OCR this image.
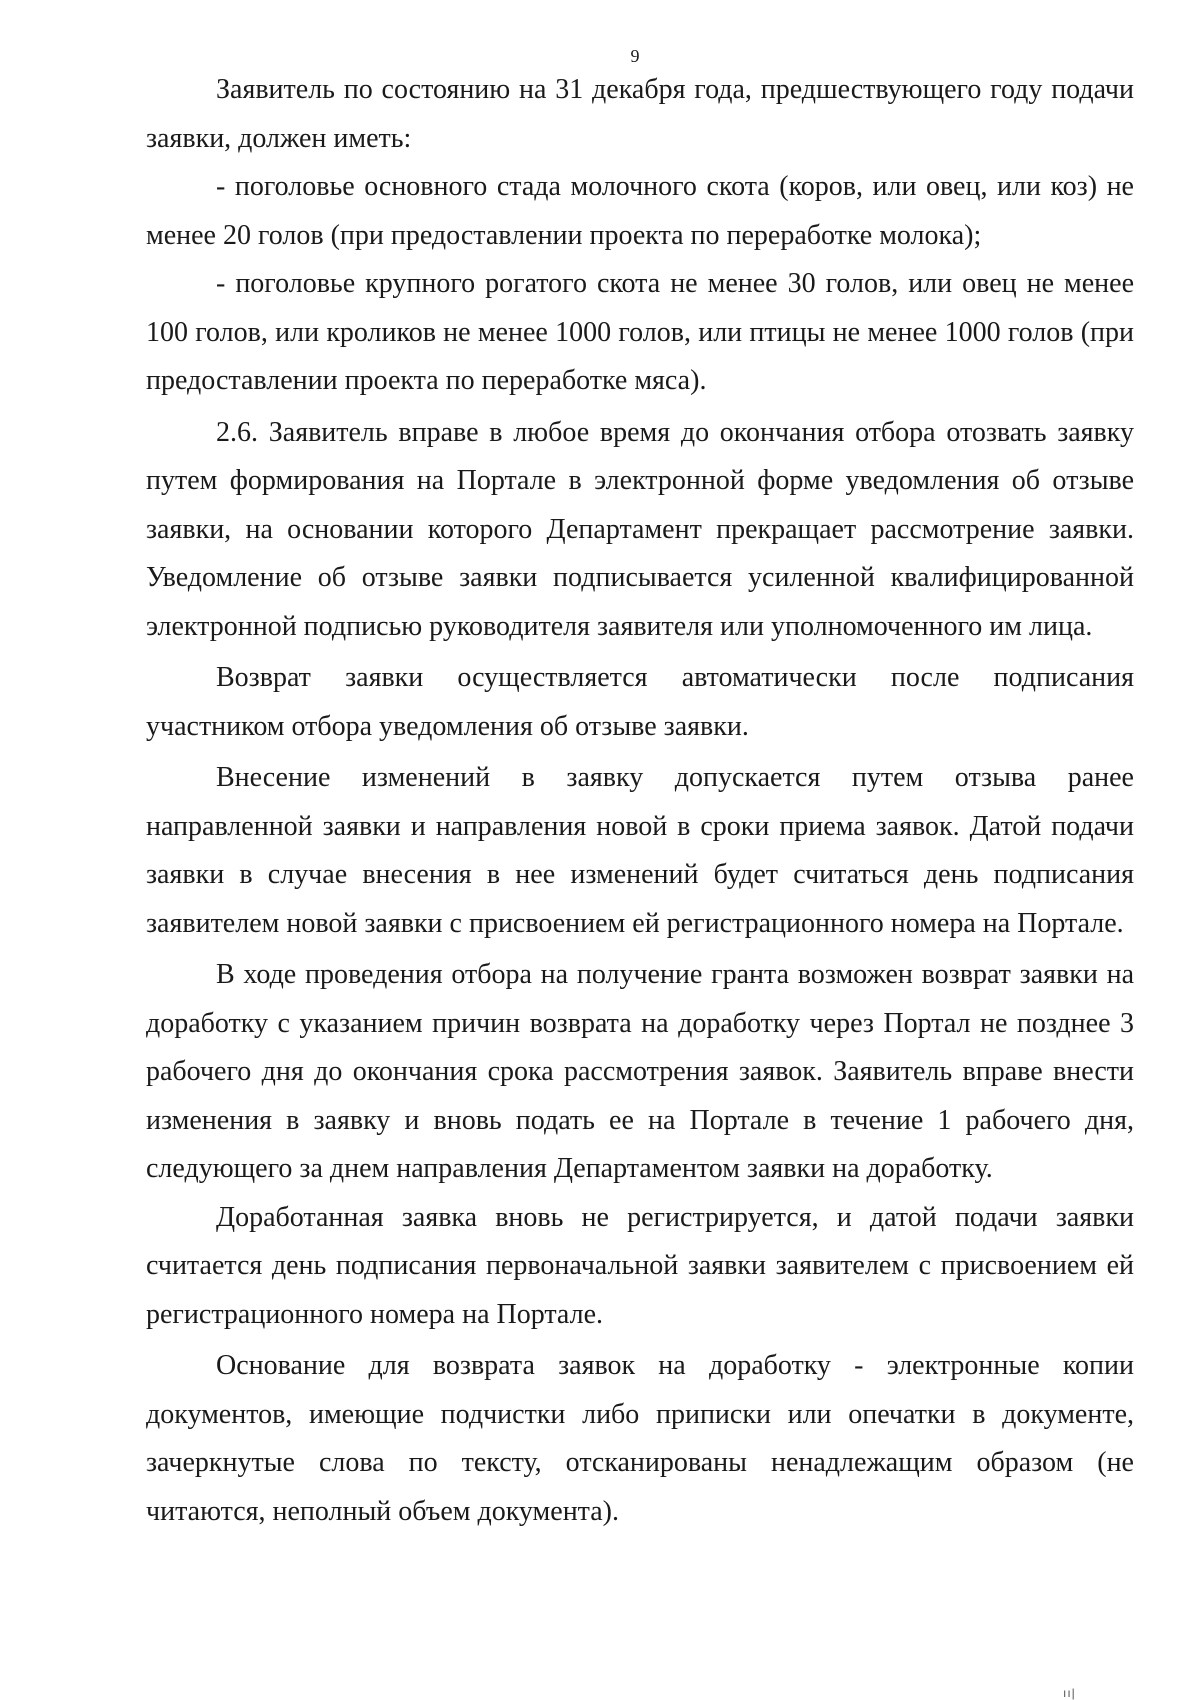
9

Заявитель по состоянию на 31 декабря года, предшествующего году подачи заявки, должен иметь:

- поголовье основного стада молочного скота (коров, или овец, или коз) не менее 20 голов (при предоставлении проекта по переработке молока);

- поголовье крупного рогатого скота не менее 30 голов, или овец не менее 100 голов, или кроликов не менее 1000 голов, или птицы не менее 1000 голов (при предоставлении проекта по переработке мяса).

2.6. Заявитель вправе в любое время до окончания отбора отозвать заявку путем формирования на Портале в электронной форме уведомления об отзыве заявки, на основании которого Департамент прекращает рассмотрение заявки. Уведомление об отзыве заявки подписывается усиленной квалифицированной электронной подписью руководителя заявителя или уполномоченного им лица.

Возврат заявки осуществляется автоматически после подписания участником отбора уведомления об отзыве заявки.

Внесение изменений в заявку допускается путем отзыва ранее направленной заявки и направления новой в сроки приема заявок. Датой подачи заявки в случае внесения в нее изменений будет считаться день подписания заявителем новой заявки с присвоением ей регистрационного номера на Портале.

В ходе проведения отбора на получение гранта возможен возврат заявки на доработку с указанием причин возврата на доработку через Портал не позднее 3 рабочего дня до окончания срока рассмотрения заявок. Заявитель вправе внести изменения в заявку и вновь подать ее на Портале в течение 1 рабочего дня, следующего за днем направления Департаментом заявки на доработку.

Доработанная заявка вновь не регистрируется, и датой подачи заявки считается день подписания первоначальной заявки заявителем с присвоением ей регистрационного номера на Портале.

Основание для возврата заявок на доработку - электронные копии документов, имеющие подчистки либо приписки или опечатки в документе, зачеркнутые слова по тексту, отсканированы ненадлежащим образом (не читаются, неполный объем документа).

ıı|
